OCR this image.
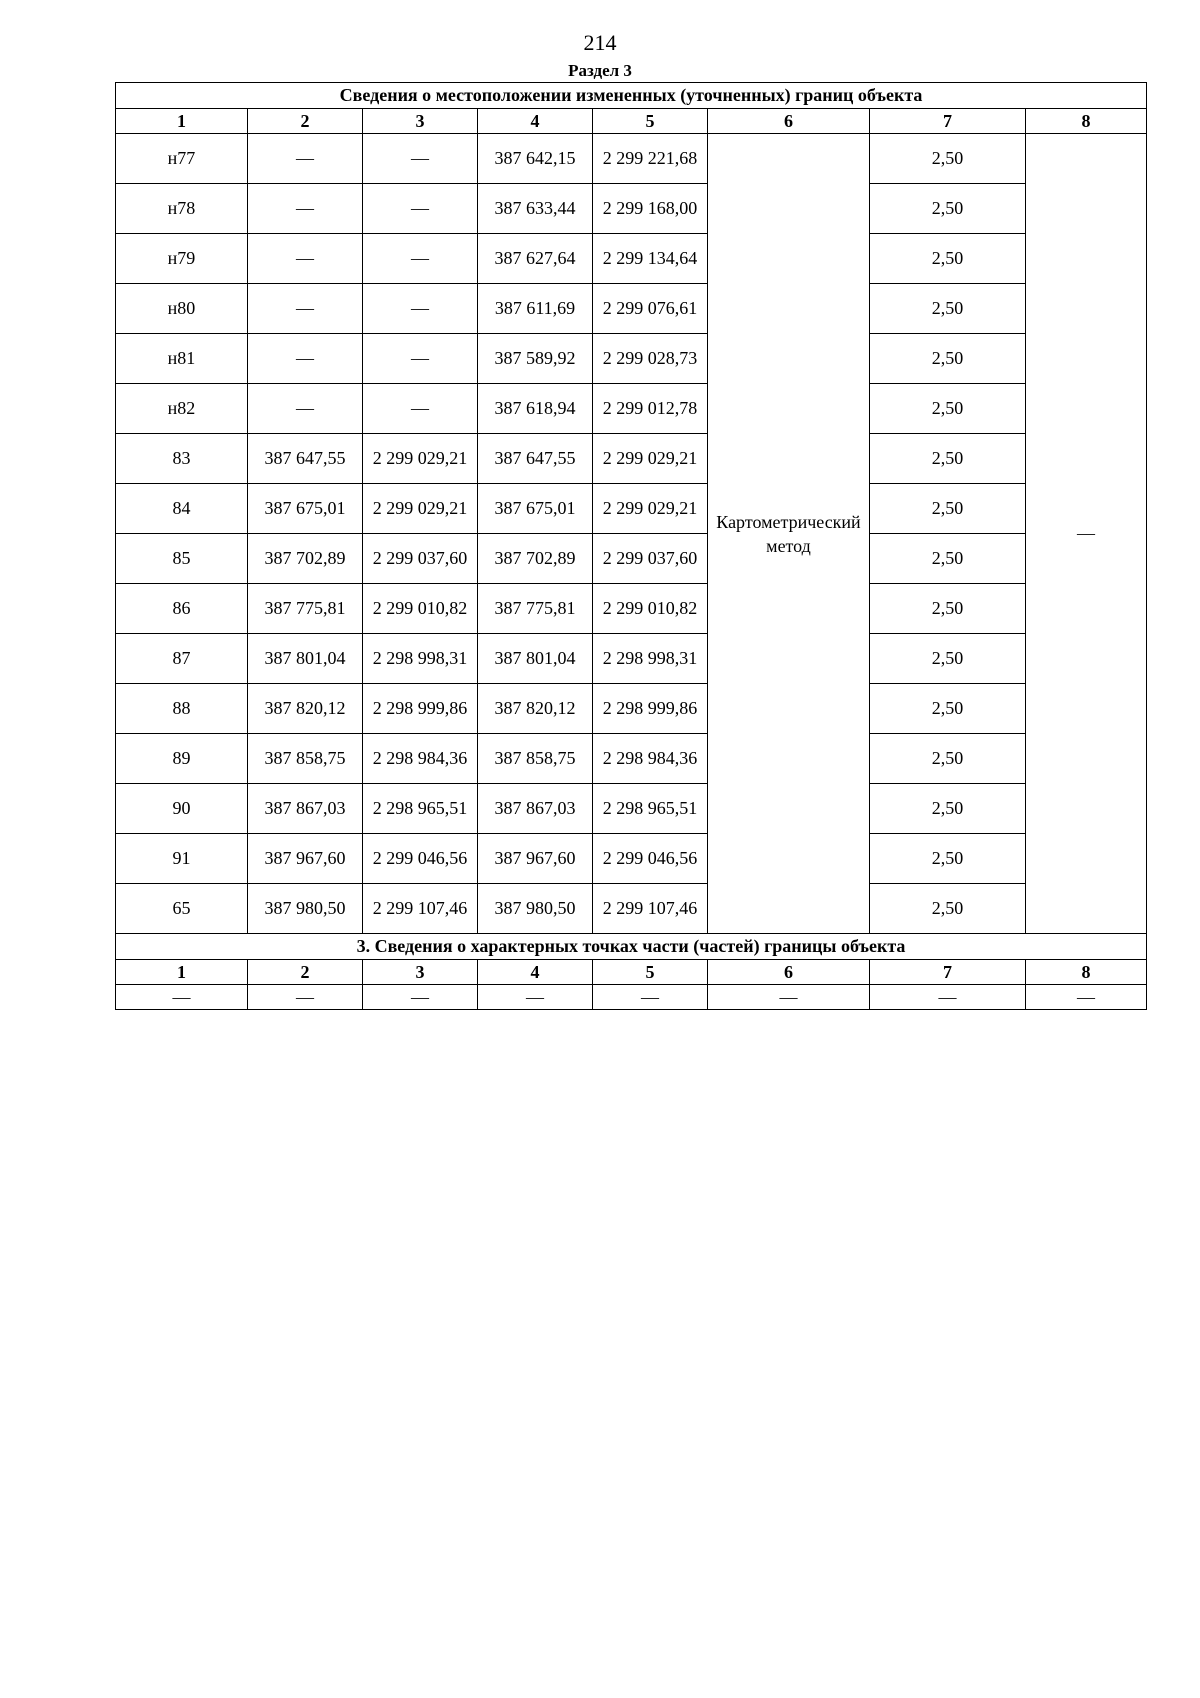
214
Раздел 3
Сведения о местоположении измененных (уточненных) границ объекта							
1	2	3	4	5	6	7	8
н77	—	—	387 642,15	2 299 221,68	Картометрический метод	2,50	—
н78	—	—	387 633,44	2 299 168,00		2,50	
н79	—	—	387 627,64	2 299 134,64		2,50	
н80	—	—	387 611,69	2 299 076,61		2,50	
н81	—	—	387 589,92	2 299 028,73		2,50	
н82	—	—	387 618,94	2 299 012,78		2,50	
83	387 647,55	2 299 029,21	387 647,55	2 299 029,21		2,50	
84	387 675,01	2 299 029,21	387 675,01	2 299 029,21		2,50	
85	387 702,89	2 299 037,60	387 702,89	2 299 037,60		2,50	
86	387 775,81	2 299 010,82	387 775,81	2 299 010,82		2,50	
87	387 801,04	2 298 998,31	387 801,04	2 298 998,31		2,50	
88	387 820,12	2 298 999,86	387 820,12	2 298 999,86		2,50	
89	387 858,75	2 298 984,36	387 858,75	2 298 984,36		2,50	
90	387 867,03	2 298 965,51	387 867,03	2 298 965,51		2,50	
91	387 967,60	2 299 046,56	387 967,60	2 299 046,56		2,50	
65	387 980,50	2 299 107,46	387 980,50	2 299 107,46		2,50	
3. Сведения о характерных точках части (частей) границы объекта							
1	2	3	4	5	6	7	8
—	—	—	—	—	—	—	—
